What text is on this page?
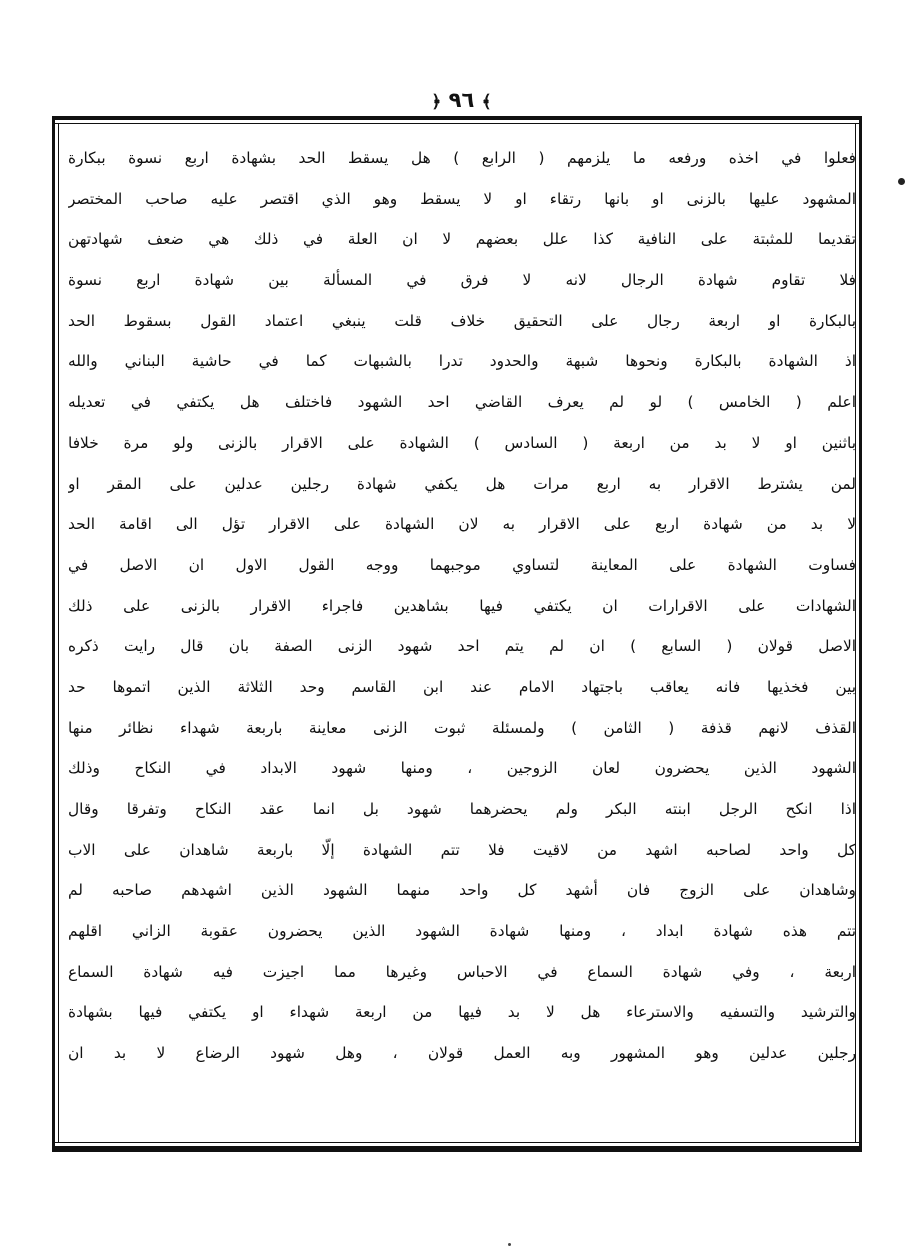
﴿ ٩٦ ﴾
فعلوا في اخذه ورفعه ما يلزمهم ( الرابع ) هل يسقط الحد بشهادة اربع نسوة ببكارة
المشهود عليها بالزنى او بانها رتقاء او لا يسقط وهو الذي اقتصر عليه صاحب المختصر
تقديما للمثبتة على النافية كذا علل بعضهم لا ان العلة في ذلك هي ضعف شهادتهن
فلا تقاوم شهادة الرجال لانه لا فرق في المسألة بين شهادة اربع نسوة
بالبكارة او اربعة رجال على التحقيق خلاف قلت ينبغي اعتماد القول بسقوط الحد
اذ الشهادة بالبكارة ونحوها شبهة والحدود تدرا بالشبهات كما في حاشية البناني والله
اعلم ( الخامس ) لو لم يعرف القاضي احد الشهود فاختلف هل يكتفي في تعديله
باثنين او لا بد من اربعة ( السادس ) الشهادة على الاقرار بالزنى ولو مرة خلافا
لمن يشترط الاقرار به اربع مرات هل يكفي شهادة رجلين عدلين على المقر او
لا بد من شهادة اربع على الاقرار به لان الشهادة على الاقرار تؤل الى اقامة الحد
فساوت الشهادة على المعاينة لتساوي موجبهما ووجه القول الاول ان الاصل في
الشهادات على الاقرارات ان يكتفي فيها بشاهدين فاجراء الاقرار بالزنى على ذلك
الاصل قولان ( السابع ) ان لم يتم احد شهود الزنى الصفة بان قال رايت ذكره
بين فخذيها فانه يعاقب باجتهاد الامام عند ابن القاسم وحد الثلاثة الذين اتموها حد
القذف لانهم قذفة ( الثامن ) ولمسئلة ثبوت الزنى معاينة باربعة شهداء نظائر منها
الشهود الذين يحضرون لعان الزوجين ، ومنها شهود الابداد في النكاح وذلك
اذا انكح الرجل ابنته البكر ولم يحضرهما شهود بل انما عقد النكاح وتفرقا وقال
كل واحد لصاحبه اشهد من لاقيت فلا تتم الشهادة إلّا باربعة شاهدان على الاب
وشاهدان على الزوج فان أشهد كل واحد منهما الشهود الذين اشهدهم صاحبه لم
تتم هذه شهادة ابداد ، ومنها شهادة الشهود الذين يحضرون عقوبة الزاني اقلهم
اربعة ، وفي شهادة السماع في الاحباس وغيرها مما اجيزت فيه شهادة السماع
والترشيد والتسفيه والاسترعاء هل لا بد فيها من اربعة شهداء او يكتفي فيها بشهادة
رجلين عدلين وهو المشهور وبه العمل قولان ، وهل شهود الرضاع لا بد ان
